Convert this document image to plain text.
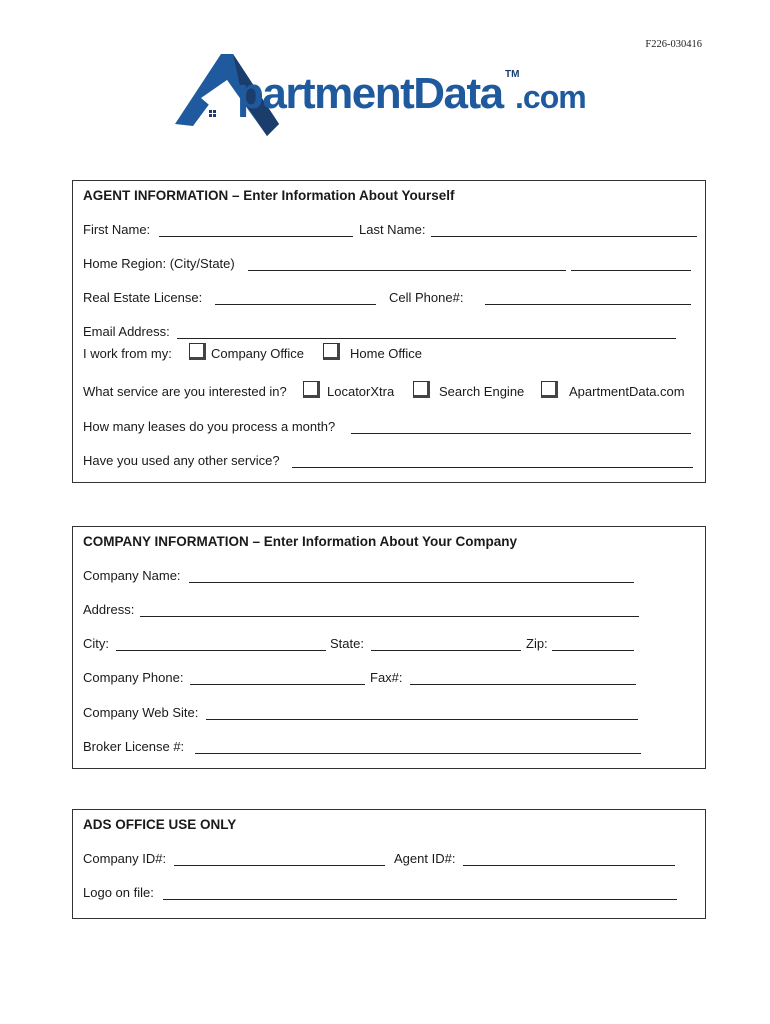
F226-030416
partmentData .com
TM
AGENT INFORMATION – Enter Information About Yourself
First Name:	Last Name:
Home Region: (City/State)
Real Estate License:	Cell Phone#:
Email Address:
I work from my:	Company Office	Home Office
What service are you interested in?	LocatorXtra	Search Engine	ApartmentData.com
How many leases do you process a month?
Have you used any other service?
COMPANY INFORMATION – Enter Information About Your Company
Company Name:
Address:
City:	State:	Zip:
Company Phone:	Fax#:
Company Web Site:
Broker License #:
ADS OFFICE USE ONLY
Company ID#:	Agent ID#:
Logo on file:
